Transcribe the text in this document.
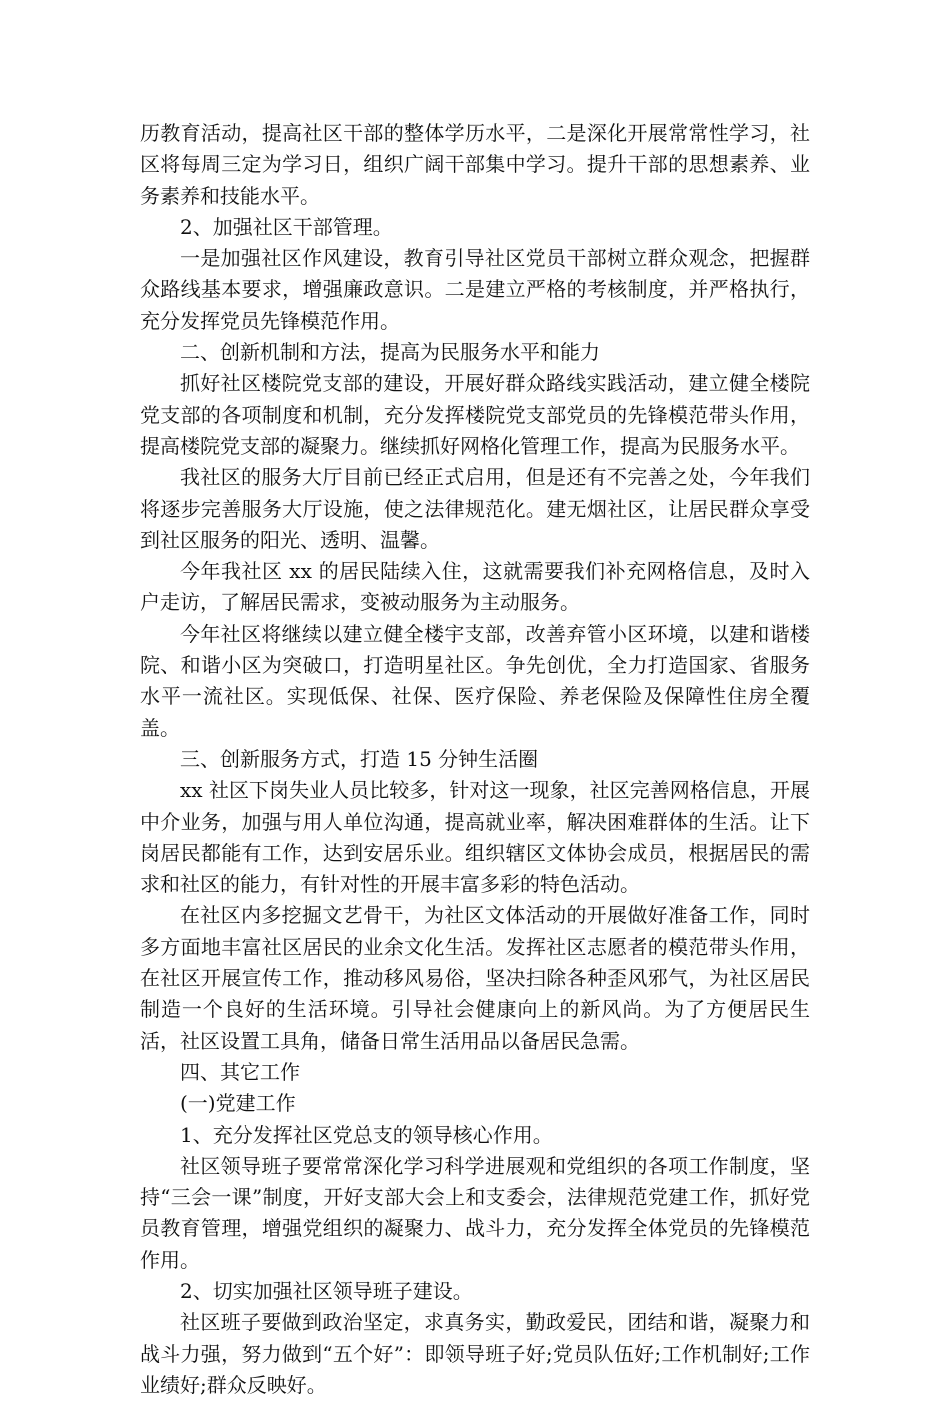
历教育活动，提高社区干部的整体学历水平，二是深化开展常常性学习，社区将每周三定为学习日，组织广阔干部集中学习。提升干部的思想素养、业务素养和技能水平。

2、加强社区干部管理。

一是加强社区作风建设，教育引导社区党员干部树立群众观念，把握群众路线基本要求，增强廉政意识。二是建立严格的考核制度，并严格执行，充分发挥党员先锋模范作用。

二、创新机制和方法，提高为民服务水平和能力

抓好社区楼院党支部的建设，开展好群众路线实践活动，建立健全楼院党支部的各项制度和机制，充分发挥楼院党支部党员的先锋模范带头作用，提高楼院党支部的凝聚力。继续抓好网格化管理工作，提高为民服务水平。

我社区的服务大厅目前已经正式启用，但是还有不完善之处，今年我们将逐步完善服务大厅设施，使之法律规范化。建无烟社区，让居民群众享受到社区服务的阳光、透明、温馨。

今年我社区 xx 的居民陆续入住，这就需要我们补充网格信息，及时入户走访，了解居民需求，变被动服务为主动服务。

今年社区将继续以建立健全楼宇支部，改善弃管小区环境，以建和谐楼院、和谐小区为突破口，打造明星社区。争先创优，全力打造国家、省服务水平一流社区。实现低保、社保、医疗保险、养老保险及保障性住房全覆盖。

三、创新服务方式，打造 15 分钟生活圈

xx 社区下岗失业人员比较多，针对这一现象，社区完善网格信息，开展中介业务，加强与用人单位沟通，提高就业率，解决困难群体的生活。让下岗居民都能有工作，达到安居乐业。组织辖区文体协会成员，根据居民的需求和社区的能力，有针对性的开展丰富多彩的特色活动。

在社区内多挖掘文艺骨干，为社区文体活动的开展做好准备工作，同时多方面地丰富社区居民的业余文化生活。发挥社区志愿者的模范带头作用，在社区开展宣传工作，推动移风易俗，坚决扫除各种歪风邪气，为社区居民制造一个良好的生活环境。引导社会健康向上的新风尚。为了方便居民生活，社区设置工具角，储备日常生活用品以备居民急需。

四、其它工作

(一)党建工作

1、充分发挥社区党总支的领导核心作用。

社区领导班子要常常深化学习科学进展观和党组织的各项工作制度，坚持“三会一课”制度，开好支部大会上和支委会，法律规范党建工作，抓好党员教育管理，增强党组织的凝聚力、战斗力，充分发挥全体党员的先锋模范作用。

2、切实加强社区领导班子建设。

社区班子要做到政治坚定，求真务实，勤政爱民，团结和谐，凝聚力和战斗力强，努力做到“五个好”：即领导班子好;党员队伍好;工作机制好;工作业绩好;群众反映好。
